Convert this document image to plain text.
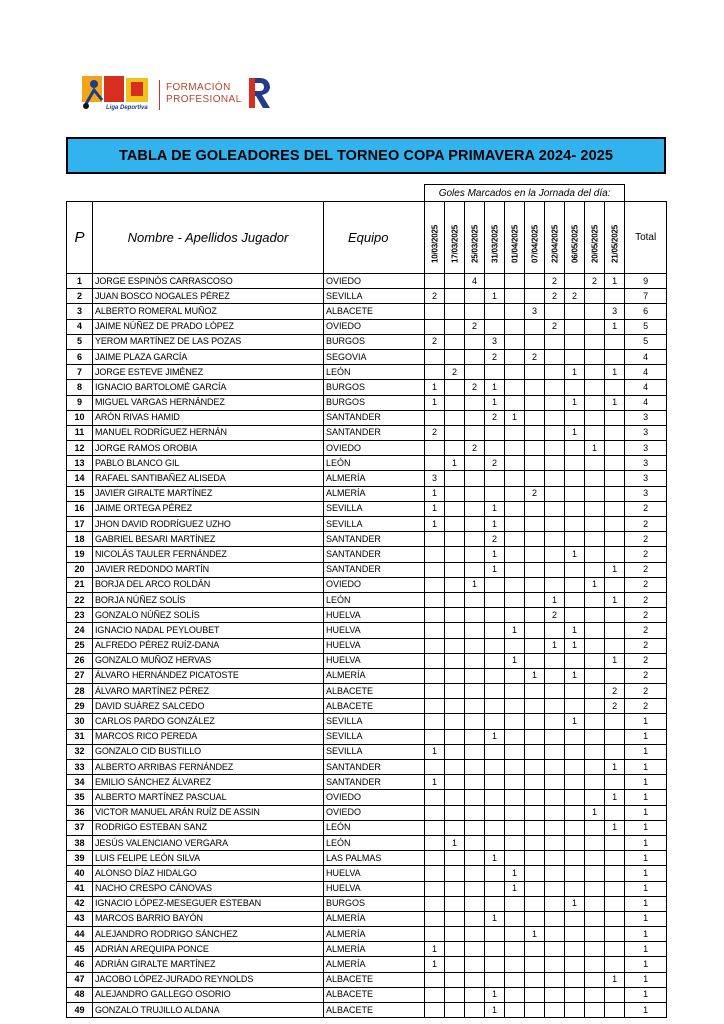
Liga Deportiva
FORMACIÓN
PROFESIONAL
TABLA DE GOLEADORES DEL TORNEO COPA PRIMAVERA 2024- 2025
			Goles Marcados en la Jornada del día:										
P	Nombre - Apellidos Jugador	Equipo	10/03/2025	17/03/2025	25/03/2025	31/03/2025	01/04/2025	07/04/2025	22/04/2025	06/05/2025	20/05/2025	21/05/2025	Total
1	JORGE ESPINÓS CARRASCOSO	OVIEDO			4				2		2	1	9
2	JUAN BOSCO NOGALES PÉREZ	SEVILLA	2			1			2	2			7
3	ALBERTO ROMERAL MUÑOZ	ALBACETE						3				3	6
4	JAIME NÚÑEZ DE PRADO LÓPEZ	OVIEDO			2				2			1	5
5	YEROM MARTÍNEZ DE LAS POZAS	BURGOS	2			3							5
6	JAIME PLAZA GARCÍA	SEGOVIA				2		2					4
7	JORGE ESTEVE JIMÉNEZ	LEÓN		2						1		1	4
8	IGNACIO BARTOLOMÉ GARCÍA	BURGOS	1		2	1							4
9	MIGUEL VARGAS HERNÁNDEZ	BURGOS	1			1				1		1	4
10	ARÓN RIVAS HAMID	SANTANDER				2	1						3
11	MANUEL RODRÍGUEZ HERNÁN	SANTANDER	2							1			3
12	JORGE RAMOS OROBIA	OVIEDO			2						1		3
13	PABLO BLANCO GIL	LEÓN		1		2							3
14	RAFAEL SANTIBAÑEZ ALISEDA	ALMERÍA	3										3
15	JAVIER GIRALTE MARTÍNEZ	ALMERÍA	1					2					3
16	JAIME ORTEGA PÉREZ	SEVILLA	1			1							2
17	JHON DAVID RODRÍGUEZ UZHO	SEVILLA	1			1							2
18	GABRIEL BESARI MARTÍNEZ	SANTANDER				2							2
19	NICOLÁS TAULER FERNÁNDEZ	SANTANDER				1				1			2
20	JAVIER REDONDO MARTÍN	SANTANDER				1						1	2
21	BORJA DEL ARCO ROLDÁN	OVIEDO			1						1		2
22	BORJA NÚÑEZ SOLÍS	LEÓN							1			1	2
23	GONZALO NÚÑEZ SOLÍS	HUELVA							2				2
24	IGNACIO NADAL PEYLOUBET	HUELVA					1			1			2
25	ALFREDO PÉREZ RUÍZ-DANA	HUELVA							1	1			2
26	GONZALO MUÑOZ HERVAS	HUELVA					1					1	2
27	ÁLVARO HERNÁNDEZ PICATOSTE	ALMERÍA						1		1			2
28	ÁLVARO MARTÍNEZ PÉREZ	ALBACETE										2	2
29	DAVID SUÁREZ SALCEDO	ALBACETE										2	2
30	CARLOS PARDO GONZÁLEZ	SEVILLA								1			1
31	MARCOS RICO PEREDA	SEVILLA				1							1
32	GONZALO CID BUSTILLO	SEVILLA	1										1
33	ALBERTO ARRIBAS FERNÁNDEZ	SANTANDER										1	1
34	EMILIO SÁNCHEZ ÁLVAREZ	SANTANDER	1										1
35	ALBERTO MARTÍNEZ PASCUAL	OVIEDO										1	1
36	VICTOR MANUEL ARÁN RUÍZ DE ASSIN	OVIEDO									1		1
37	RODRIGO ESTEBAN SANZ	LEÓN										1	1
38	JESÚS VALENCIANO VERGARA	LEÓN		1									1
39	LUIS FELIPE LEÓN SILVA	LAS PALMAS				1							1
40	ALONSO DÍAZ HIDALGO	HUELVA					1						1
41	NACHO CRESPO CÁNOVAS	HUELVA					1						1
42	IGNACIO LÓPEZ-MESEGUER ESTEBAN	BURGOS								1			1
43	MARCOS BARRIO BAYÓN	ALMERÍA				1							1
44	ALEJANDRO RODRIGO SÁNCHEZ	ALMERÍA						1					1
45	ADRIÁN AREQUIPA PONCE	ALMERÍA	1										1
46	ADRIÁN GIRALTE MARTÍNEZ	ALMERÍA	1										1
47	JACOBO LÓPEZ-JURADO REYNOLDS	ALBACETE										1	1
48	ALEJANDRO GALLEGO OSORIO	ALBACETE				1							1
49	GONZALO TRUJILLO ALDANA	ALBACETE				1							1
